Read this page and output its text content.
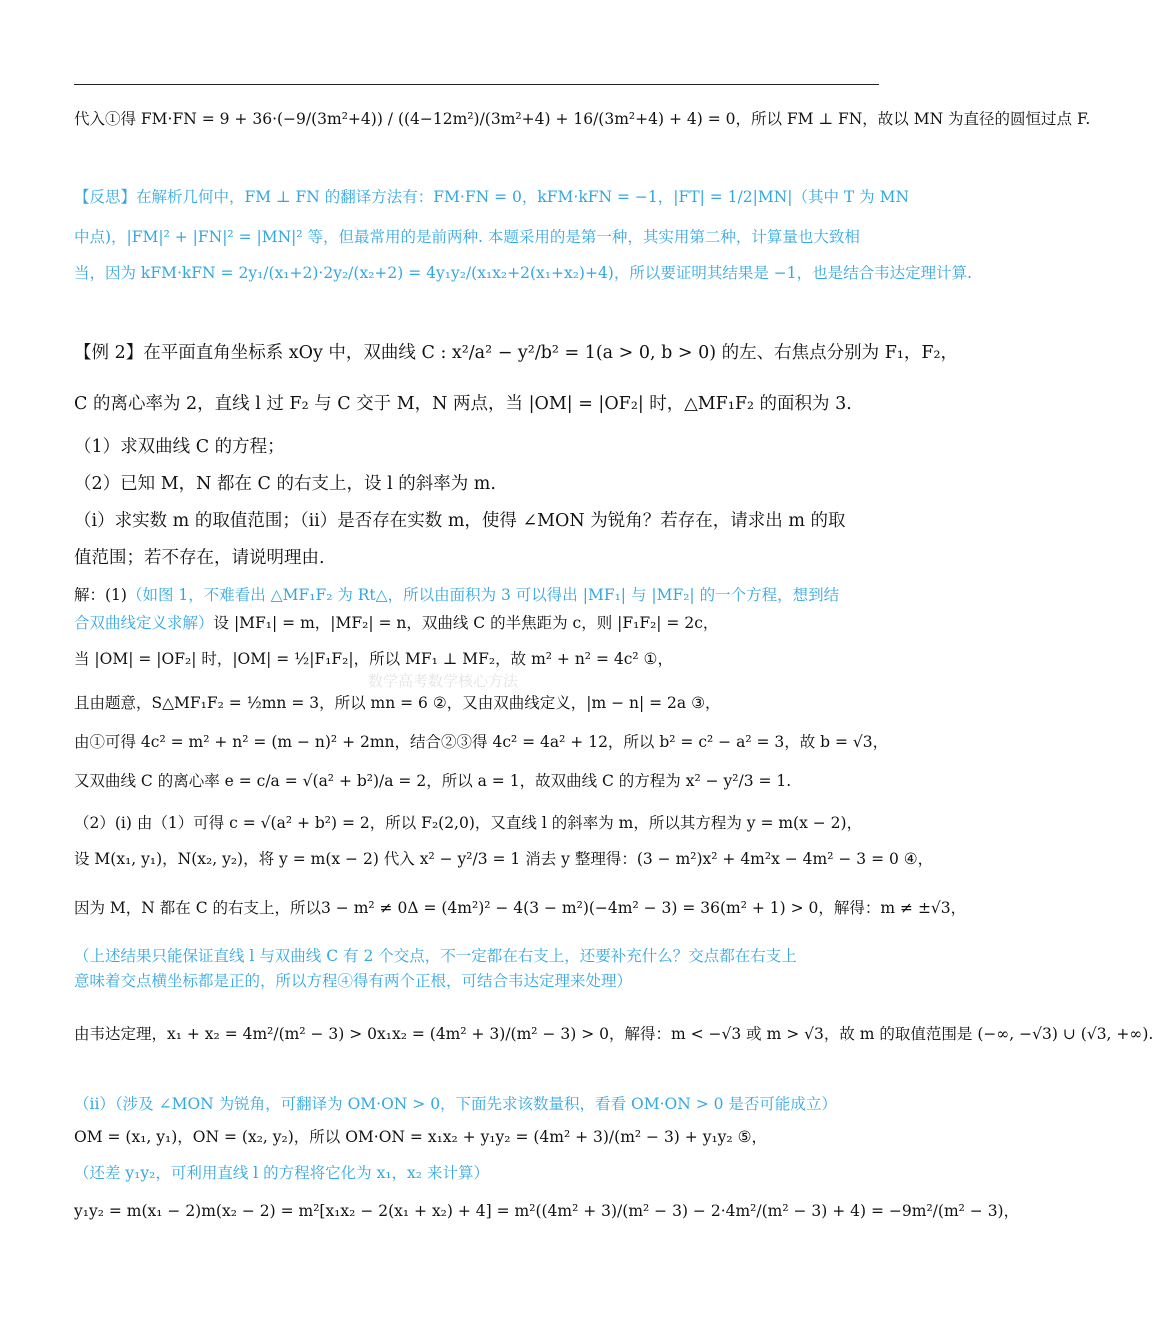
数学高考数学核心方法
代入①得 FM·FN = 9 + 36·(−9/(3m²+4)) / ((4−12m²)/(3m²+4) + 16/(3m²+4) + 4) = 0，所以 FM ⊥ FN，故以 MN 为直径的圆恒过点 F.
【反思】在解析几何中，FM ⊥ FN 的翻译方法有：FM·FN = 0，kFM·kFN = −1，|FT| = 1/2|MN|（其中 T 为 MN
中点)，|FM|² + |FN|² = |MN|² 等，但最常用的是前两种. 本题采用的是第一种，其实用第二种，计算量也大致相
当，因为 kFM·kFN = 2y₁/(x₁+2)·2y₂/(x₂+2) = 4y₁y₂/(x₁x₂+2(x₁+x₂)+4)，所以要证明其结果是 −1，也是结合韦达定理计算.
【例 2】在平面直角坐标系 xOy 中，双曲线 C : x²/a² − y²/b² = 1(a > 0, b > 0) 的左、右焦点分别为 F₁，F₂，
C 的离心率为 2，直线 l 过 F₂ 与 C 交于 M，N 两点，当 |OM| = |OF₂| 时，△MF₁F₂ 的面积为 3.
（1）求双曲线 C 的方程；
（2）已知 M，N 都在 C 的右支上，设 l 的斜率为 m.
（i）求实数 m 的取值范围；（ii）是否存在实数 m，使得 ∠MON 为锐角？若存在，请求出 m 的取
值范围；若不存在，请说明理由.
解：(1)（如图 1，不难看出 △MF₁F₂ 为 Rt△，所以由面积为 3 可以得出 |MF₁| 与 |MF₂| 的一个方程，想到结
合双曲线定义求解）设 |MF₁| = m，|MF₂| = n，双曲线 C 的半焦距为 c，则 |F₁F₂| = 2c，
当 |OM| = |OF₂| 时，|OM| = ½|F₁F₂|，所以 MF₁ ⊥ MF₂，故 m² + n² = 4c² ①，
且由题意，S△MF₁F₂ = ½mn = 3，所以 mn = 6 ②，又由双曲线定义，|m − n| = 2a ③，
由①可得 4c² = m² + n² = (m − n)² + 2mn，结合②③得 4c² = 4a² + 12，所以 b² = c² − a² = 3，故 b = √3，
又双曲线 C 的离心率 e = c/a = √(a² + b²)/a = 2，所以 a = 1，故双曲线 C 的方程为 x² − y²/3 = 1.
（2）(i) 由（1）可得 c = √(a² + b²) = 2，所以 F₂(2,0)，又直线 l 的斜率为 m，所以其方程为 y = m(x − 2)，
设 M(x₁, y₁)，N(x₂, y₂)，将 y = m(x − 2) 代入 x² − y²/3 = 1 消去 y 整理得：(3 − m²)x² + 4m²x − 4m² − 3 = 0 ④，
因为 M，N 都在 C 的右支上，所以3 − m² ≠ 0Δ = (4m²)² − 4(3 − m²)(−4m² − 3) = 36(m² + 1) > 0，解得：m ≠ ±√3，
（上述结果只能保证直线 l 与双曲线 C 有 2 个交点，不一定都在右支上，还要补充什么？交点都在右支上
意味着交点横坐标都是正的，所以方程④得有两个正根，可结合韦达定理来处理）
由韦达定理，x₁ + x₂ = 4m²/(m² − 3) > 0x₁x₂ = (4m² + 3)/(m² − 3) > 0，解得：m < −√3 或 m > √3，故 m 的取值范围是 (−∞, −√3) ∪ (√3, +∞).
（ii）（涉及 ∠MON 为锐角，可翻译为 OM·ON > 0，下面先求该数量积，看看 OM·ON > 0 是否可能成立）
OM = (x₁, y₁)，ON = (x₂, y₂)，所以 OM·ON = x₁x₂ + y₁y₂ = (4m² + 3)/(m² − 3) + y₁y₂ ⑤，
（还差 y₁y₂，可利用直线 l 的方程将它化为 x₁，x₂ 来计算）
y₁y₂ = m(x₁ − 2)m(x₂ − 2) = m²[x₁x₂ − 2(x₁ + x₂) + 4] = m²((4m² + 3)/(m² − 3) − 2·4m²/(m² − 3) + 4) = −9m²/(m² − 3)，
